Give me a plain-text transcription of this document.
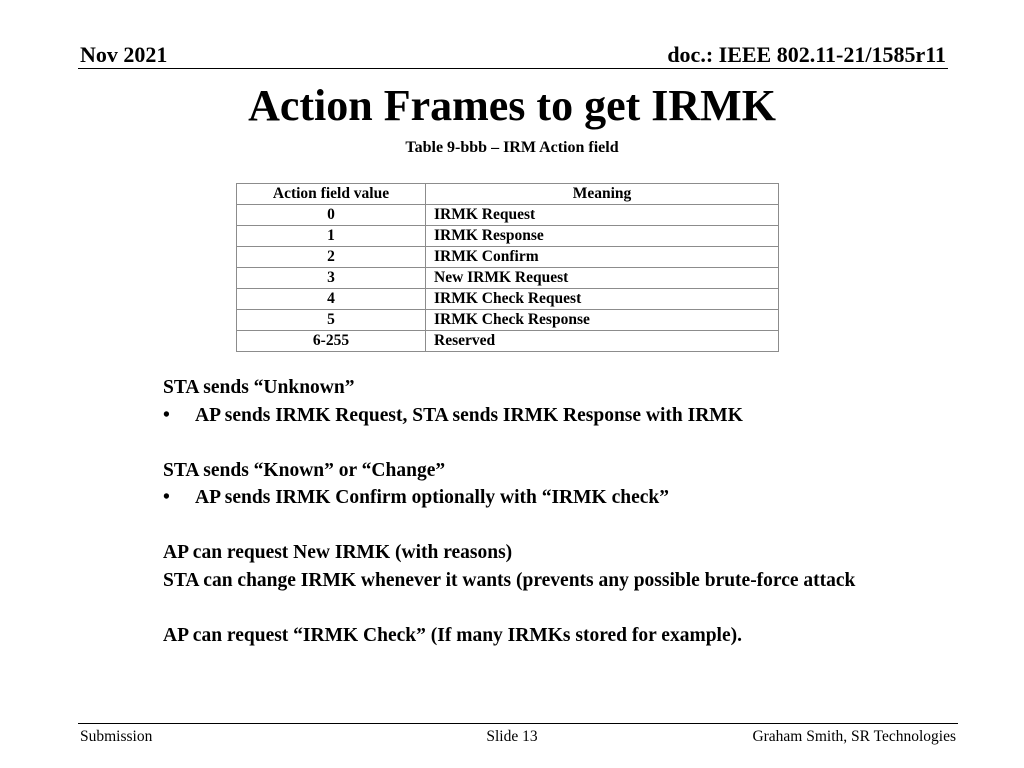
Nov 2021	doc.: IEEE 802.11-21/1585r11
Action Frames to get IRMK
Table 9-bbb – IRM Action field
Action field value	Meaning
0	IRMK Request
1	IRMK Response
2	IRMK Confirm
3	New IRMK Request
4	IRMK Check Request
5	IRMK Check Response
6-255	Reserved

STA sends “Unknown”

•	AP sends IRMK Request, STA sends IRMK Response with IRMK

STA sends “Known” or “Change”

•	AP sends IRMK Confirm optionally with “IRMK check”

AP can request New IRMK (with reasons)

STA can change IRMK whenever it wants (prevents any possible brute-force attack

AP can request “IRMK Check” (If many IRMKs stored for example).

Submission	Slide 13	Graham Smith, SR Technologies
